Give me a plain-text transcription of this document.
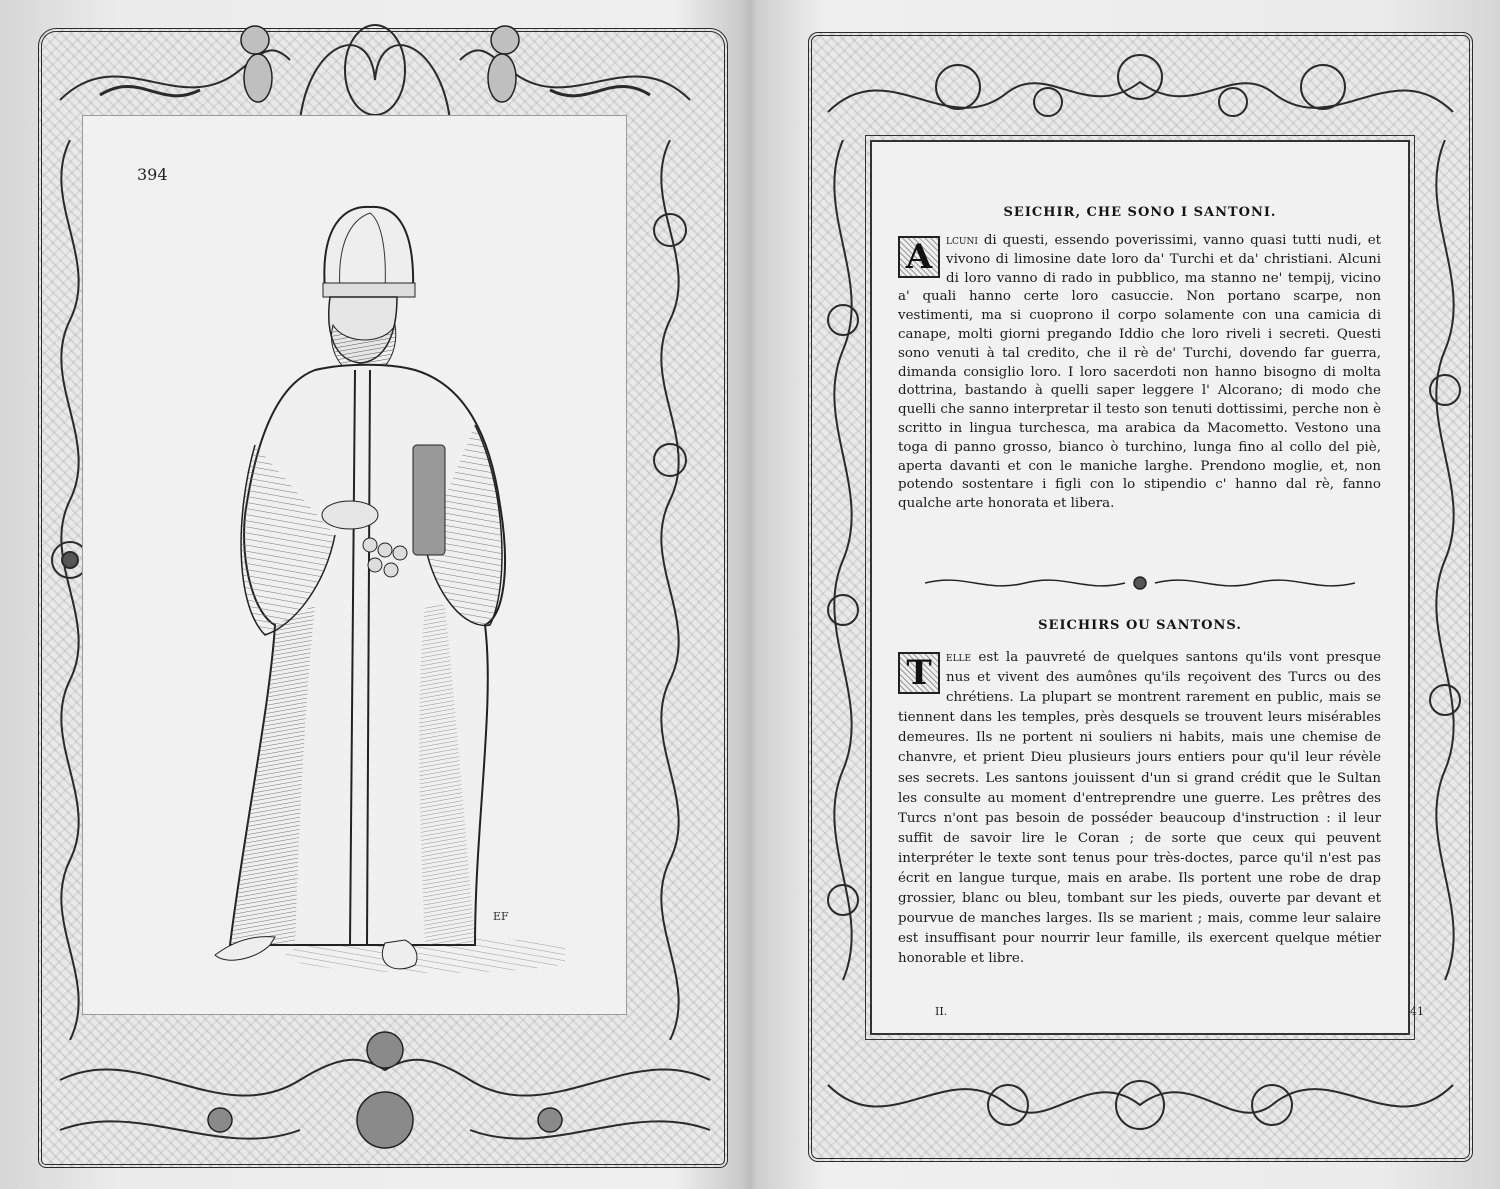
394

EF
SEICHIR, CHE SONO I SANTONI.
A	lcuni di questi, essendo poverissimi, vanno quasi tutti nudi, et vivono di limosine date loro da' Turchi et da' christiani. Alcuni di loro vanno di rado in pubblico, ma stanno ne' tempij, vicino a' quali hanno certe loro casuccie. Non portano scarpe, non vestimenti, ma si cuoprono il corpo solamente con una camicia di canape, molti giorni pregando Iddio che loro riveli i secreti. Questi sono venuti à tal credito, che il rè de' Turchi, dovendo far guerra, dimanda consiglio loro. I loro sacerdoti non hanno bisogno di molta dottrina, bastando à quelli saper leggere l' Alcorano; di modo che quelli che sanno interpretar il testo son tenuti dottissimi, perche non è scritto in lingua turchesca, ma arabica da Macometto. Vestono una toga di panno grosso, bianco ò turchino, lunga fino al collo del piè, aperta davanti et con le maniche larghe. Prendono moglie, et, non potendo sostentare i figli con lo stipendio c' hanno dal rè, fanno qualche arte honorata et libera.
SEICHIRS OU SANTONS.
T	elle est la pauvreté de quelques santons qu'ils vont presque nus et vivent des aumônes qu'ils reçoivent des Turcs ou des chrétiens. La plupart se montrent rarement en public, mais se tiennent dans les temples, près desquels se trouvent leurs misérables demeures. Ils ne portent ni souliers ni habits, mais une chemise de chanvre, et prient Dieu plusieurs jours entiers pour qu'il leur révèle ses secrets. Les santons jouissent d'un si grand crédit que le Sultan les consulte au moment d'entreprendre une guerre. Les prêtres des Turcs n'ont pas besoin de posséder beaucoup d'instruction : il leur suffit de savoir lire le Coran ; de sorte que ceux qui peuvent interpréter le texte sont tenus pour très-doctes, parce qu'il n'est pas écrit en langue turque, mais en arabe. Ils portent une robe de drap grossier, blanc ou bleu, tombant sur les pieds, ouverte par devant et pourvue de manches larges. Ils se marient ; mais, comme leur salaire est insuffisant pour nourrir leur famille, ils exercent quelque métier honorable et libre.
II.	41
